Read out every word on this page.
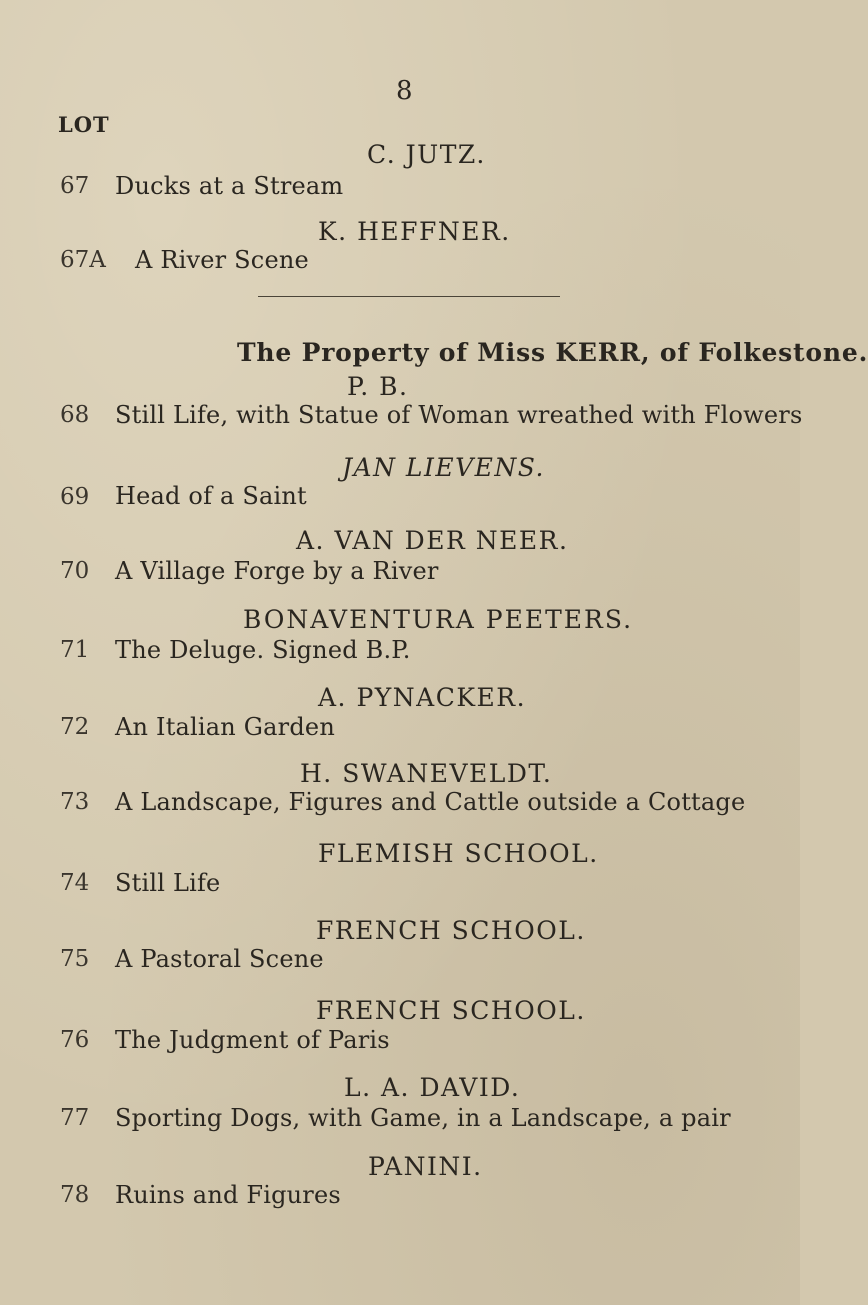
8
LOT
C. JUTZ.
67 Ducks at a Stream
K. HEFFNER.
67A A River Scene
The Property of Miss KERR, of Folkestone.
P. B.
68 Still Life, with Statue of Woman wreathed with Flowers
JAN LIEVENS.
69 Head of a Saint
A. VAN DER NEER.
70 A Village Forge by a River
BONAVENTURA PEETERS.
71 The Deluge. Signed B.P.
A. PYNACKER.
72 An Italian Garden
H. SWANEVELDT.
73 A Landscape, Figures and Cattle outside a Cottage
FLEMISH SCHOOL.
74 Still Life
FRENCH SCHOOL.
75 A Pastoral Scene
FRENCH SCHOOL.
76 The Judgment of Paris
L. A. DAVID.
77 Sporting Dogs, with Game, in a Landscape, a pair
PANINI.
78 Ruins and Figures
